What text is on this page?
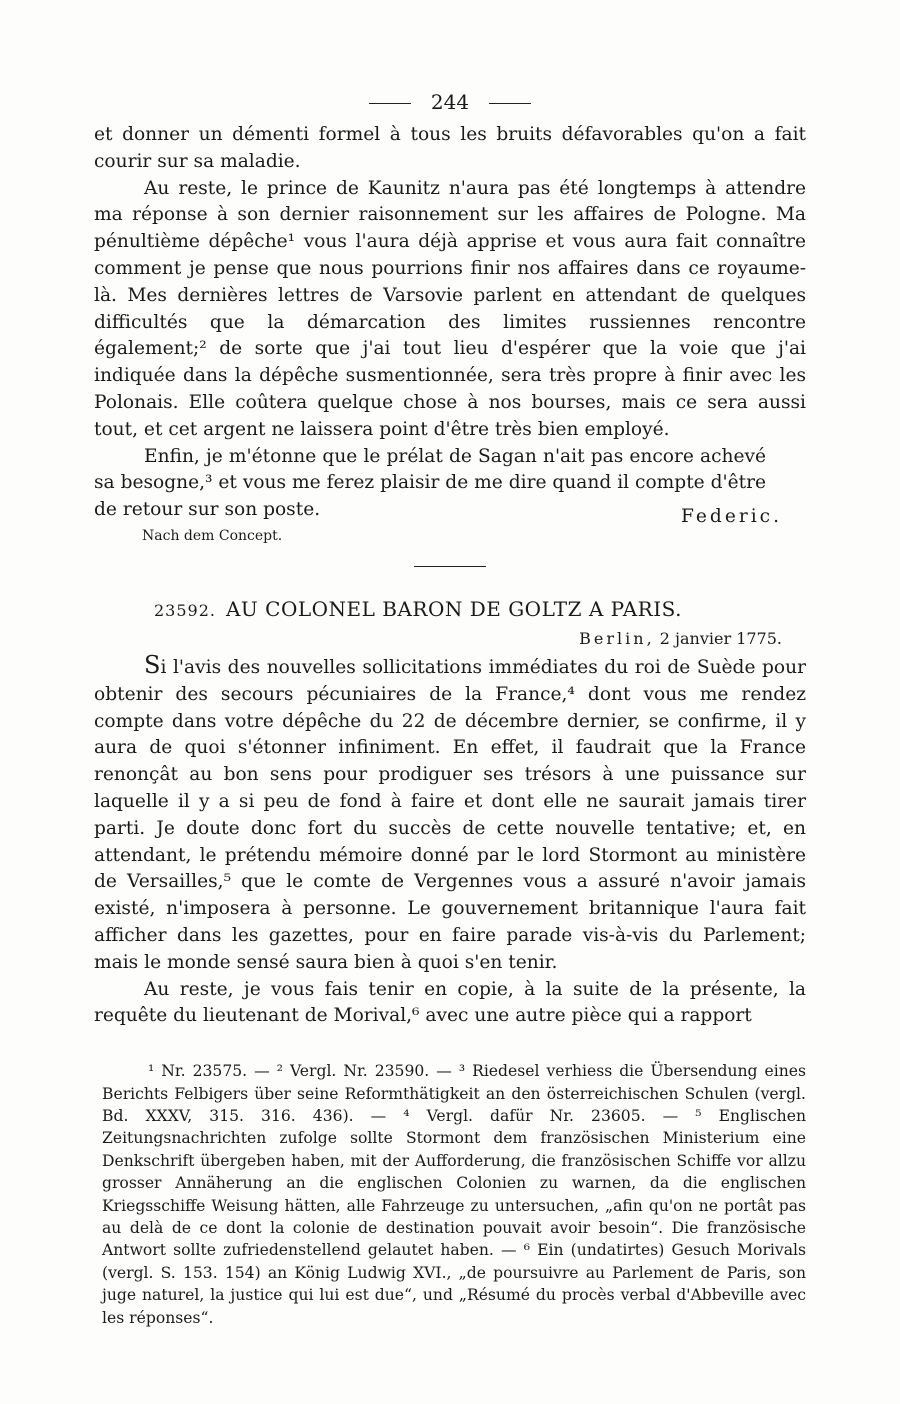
244

et donner un démenti formel à tous les bruits défavorables qu'on a fait courir sur sa maladie.

Au reste, le prince de Kaunitz n'aura pas été longtemps à attendre ma réponse à son dernier raisonnement sur les affaires de Pologne. Ma pénultième dépêche¹ vous l'aura déjà apprise et vous aura fait connaître comment je pense que nous pourrions finir nos affaires dans ce royaume-là. Mes dernières lettres de Varsovie parlent en attendant de quelques difficultés que la démarcation des limites russiennes rencontre également;² de sorte que j'ai tout lieu d'espérer que la voie que j'ai indiquée dans la dépêche susmentionnée, sera très propre à finir avec les Polonais. Elle coûtera quelque chose à nos bourses, mais ce sera aussi tout, et cet argent ne laissera point d'être très bien employé.

Enfin, je m'étonne que le prélat de Sagan n'ait pas encore achevé sa besogne,³ et vous me ferez plaisir de me dire quand il compte d'être de retour sur son poste.

Nach dem Concept.
Federic.
23592. AU COLONEL BARON DE GOLTZ A PARIS.
Berlin, 2 janvier 1775.

Si l'avis des nouvelles sollicitations immédiates du roi de Suède pour obtenir des secours pécuniaires de la France,⁴ dont vous me rendez compte dans votre dépêche du 22 de décembre dernier, se confirme, il y aura de quoi s'étonner infiniment. En effet, il faudrait que la France renonçât au bon sens pour prodiguer ses trésors à une puissance sur laquelle il y a si peu de fond à faire et dont elle ne saurait jamais tirer parti. Je doute donc fort du succès de cette nouvelle tentative; et, en attendant, le prétendu mémoire donné par le lord Stormont au ministère de Versailles,⁵ que le comte de Vergennes vous a assuré n'avoir jamais existé, n'imposera à personne. Le gouvernement britannique l'aura fait afficher dans les gazettes, pour en faire parade vis-à-vis du Parlement; mais le monde sensé saura bien à quoi s'en tenir.

Au reste, je vous fais tenir en copie, à la suite de la présente, la requête du lieutenant de Morival,⁶ avec une autre pièce qui a rapport

¹ Nr. 23575. — ² Vergl. Nr. 23590. — ³ Riedesel verhiess die Übersendung eines Berichts Felbigers über seine Reformthätigkeit an den österreichischen Schulen (vergl. Bd. XXXV, 315. 316. 436). — ⁴ Vergl. dafür Nr. 23605. — ⁵ Englischen Zeitungsnachrichten zufolge sollte Stormont dem französischen Ministerium eine Denkschrift übergeben haben, mit der Aufforderung, die französischen Schiffe vor allzu grosser Annäherung an die englischen Colonien zu warnen, da die englischen Kriegsschiffe Weisung hätten, alle Fahrzeuge zu untersuchen, „afin qu'on ne portât pas au delà de ce dont la colonie de destination pouvait avoir besoin“. Die französische Antwort sollte zufriedenstellend gelautet haben. — ⁶ Ein (undatirtes) Gesuch Morivals (vergl. S. 153. 154) an König Ludwig XVI., „de poursuivre au Parlement de Paris, son juge naturel, la justice qui lui est due“, und „Résumé du procès verbal d'Abbeville avec les réponses“.
